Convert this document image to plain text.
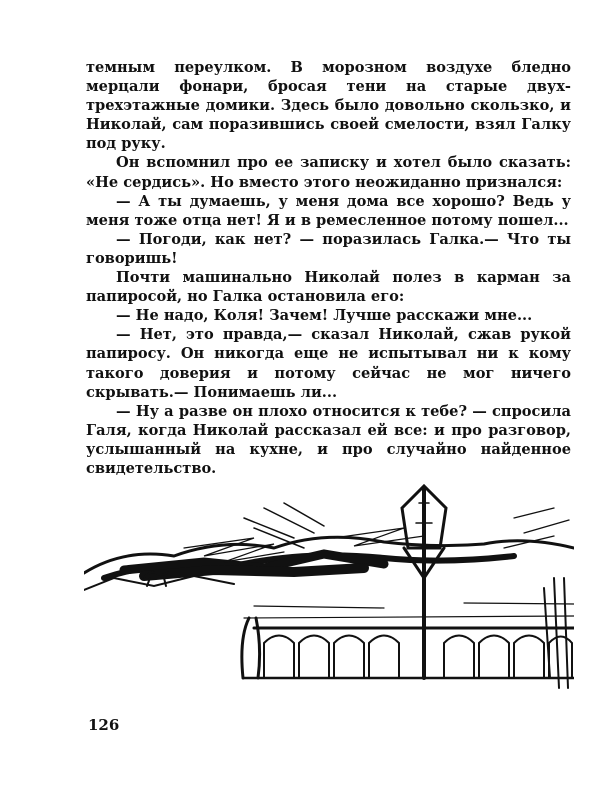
темным переулком. В морозном воздухе бледно мерцали фонари, бросая тени на старые двух-трехэтажные домики. Здесь было довольно скользко, и Николай, сам поразившись своей смелости, взял Галку под руку.

Он вспомнил про ее записку и хотел было сказать: «Не сердись». Но вместо этого неожиданно признался:

— А ты думаешь, у меня дома все хорошо? Ведь у меня тоже отца нет! Я и в ремесленное потому пошел...

— Погоди, как нет? — поразилась Галка.— Что ты говоришь!

Почти машинально Николай полез в карман за папиросой, но Галка остановила его:

— Не надо, Коля! Зачем! Лучше расскажи мне...

— Нет, это правда,— сказал Николай, сжав рукой папиросу. Он никогда еще не испытывал ни к кому такого доверия и потому сейчас не мог ничего скрывать.— Понимаешь ли...

— Ну а разве он плохо относится к тебе? — спросила Галя, когда Николай рассказал ей все: и про разговор, услышанный на кухне, и про случайно найденное свидетельство.

126
